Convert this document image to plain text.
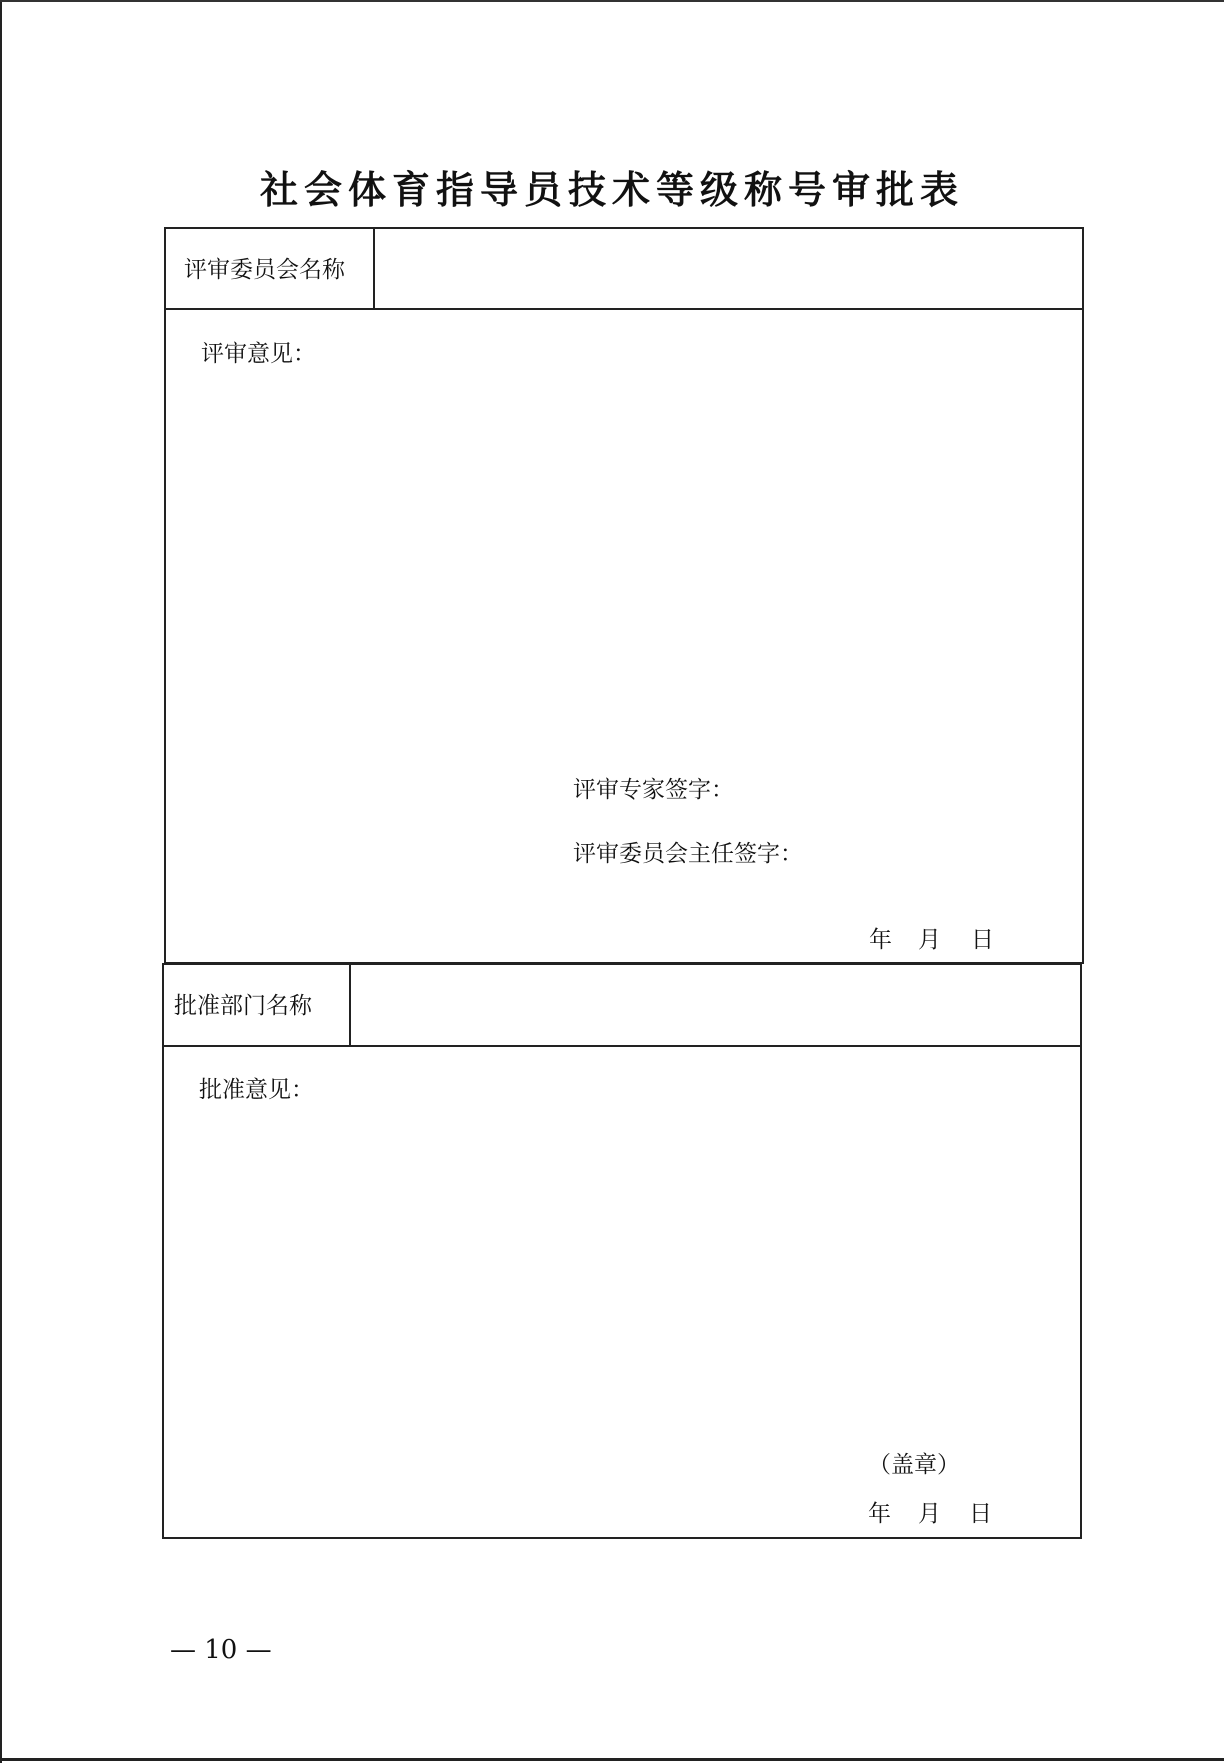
社会体育指导员技术等级称号审批表
评审委员会名称
评审意见：
评审专家签字：
评审委员会主任签字：
年 月 日
批准部门名称
批准意见：
（盖章）
年 月 日
— 10 —
